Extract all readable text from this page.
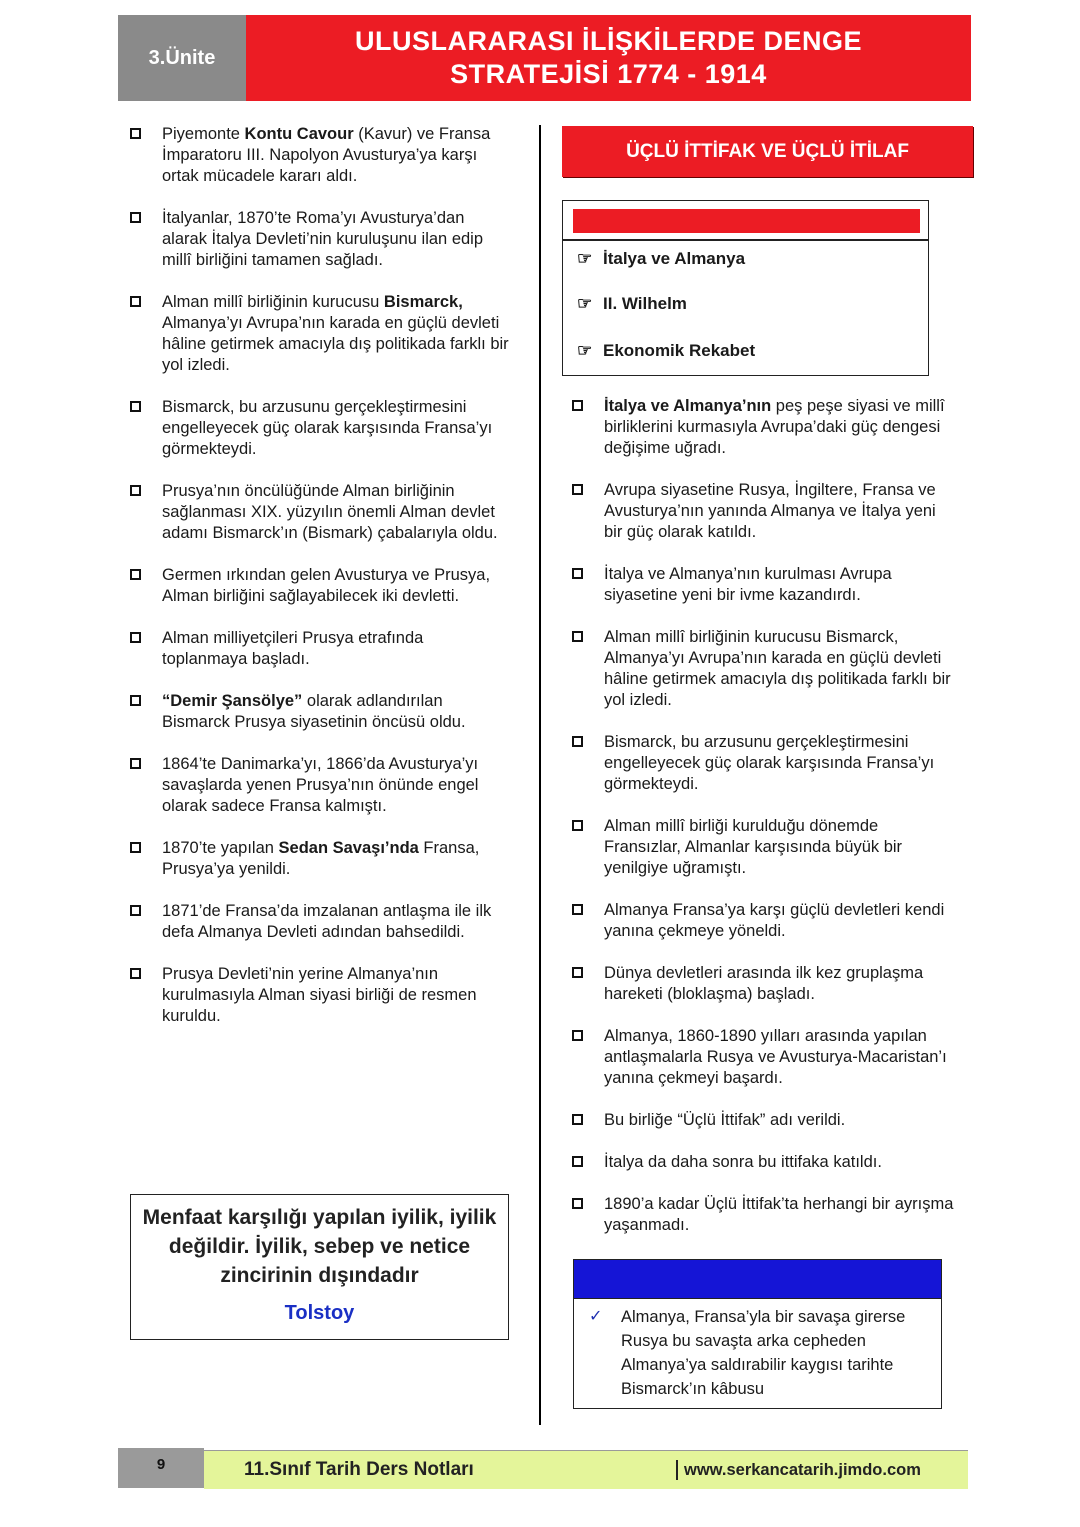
3.Ünite
ULUSLARARASI İLİŞKİLERDE DENGE
STRATEJİSİ 1774 - 1914
Piyemonte Kontu Cavour (Kavur) ve Fransa İmparatoru III. Napolyon Avusturya’ya karşı ortak mücadele kararı aldı.
İtalyanlar, 1870’te Roma’yı Avusturya’dan alarak İtalya Devleti’nin kuruluşunu ilan edip millî birliğini tamamen sağladı.
Alman millî birliğinin kurucusu Bismarck, Almanya’yı Avrupa’nın karada en güçlü devleti hâline getirmek amacıyla dış politikada farklı bir yol izledi.
Bismarck, bu arzusunu gerçekleştirmesini engelleyecek güç olarak karşısında Fransa’yı görmekteydi.
Prusya’nın öncülüğünde Alman birliğinin sağlanması XIX. yüzyılın önemli Alman devlet adamı Bismarck’ın (Bismark) çabalarıyla oldu.
Germen ırkından gelen Avusturya ve Prusya, Alman birliğini sağlayabilecek iki devletti.
Alman milliyetçileri Prusya etrafında toplanmaya başladı.
“Demir Şansölye” olarak adlandırılan Bismarck Prusya siyasetinin öncüsü oldu.
1864’te Danimarka’yı, 1866’da Avusturya’yı savaşlarda yenen Prusya’nın önünde engel olarak sadece Fransa kalmıştı.
1870’te yapılan Sedan Savaşı’nda Fransa, Prusya’ya yenildi.
1871’de Fransa’da imzalanan antlaşma ile ilk defa Almanya Devleti adından bahsedildi.
Prusya Devleti’nin yerine Almanya’nın kurulmasıyla Alman siyasi birliği de resmen kuruldu.
ÜÇLÜ İTTİFAK VE ÜÇLÜ İTİLAF
☞ İtalya ve Almanya
☞ II. Wilhelm
☞ Ekonomik Rekabet
İtalya ve Almanya’nın peş peşe siyasi ve millî birliklerini kurmasıyla Avrupa’daki güç dengesi değişime uğradı.
Avrupa siyasetine Rusya, İngiltere, Fransa ve Avusturya’nın yanında Almanya ve İtalya yeni bir güç olarak katıldı.
İtalya ve Almanya’nın kurulması Avrupa siyasetine yeni bir ivme kazandırdı.
Alman millî birliğinin kurucusu Bismarck, Almanya’yı Avrupa’nın karada en güçlü devleti hâline getirmek amacıyla dış politikada farklı bir yol izledi.
Bismarck, bu arzusunu gerçekleştirmesini engelleyecek güç olarak karşısında Fransa’yı görmekteydi.
Alman millî birliği kurulduğu dönemde Fransızlar, Almanlar karşısında büyük bir yenilgiye uğramıştı.
Almanya Fransa’ya karşı güçlü devletleri kendi yanına çekmeye yöneldi.
Dünya devletleri arasında ilk kez gruplaşma hareketi (bloklaşma) başladı.
Almanya, 1860-1890 yılları arasında yapılan antlaşmalarla Rusya ve Avusturya-Macaristan’ı yanına çekmeyi başardı.
Bu birliğe “Üçlü İttifak” adı verildi.
İtalya da daha sonra bu ittifaka katıldı.
1890’a kadar Üçlü İttifak’ta herhangi bir ayrışma yaşanmadı.
Menfaat karşılığı yapılan iyilik, iyilik değildir. İyilik, sebep ve netice zincirinin dışındadır
Tolstoy	✓ Almanya, Fransa’yla bir savaşa girerse Rusya bu savaşta arka cepheden Almanya’ya saldırabilir kaygısı tarihte Bismarck’ın kâbusu
9	11.Sınıf Tarih Ders Notları	www.serkancatarih.jimdo.com
